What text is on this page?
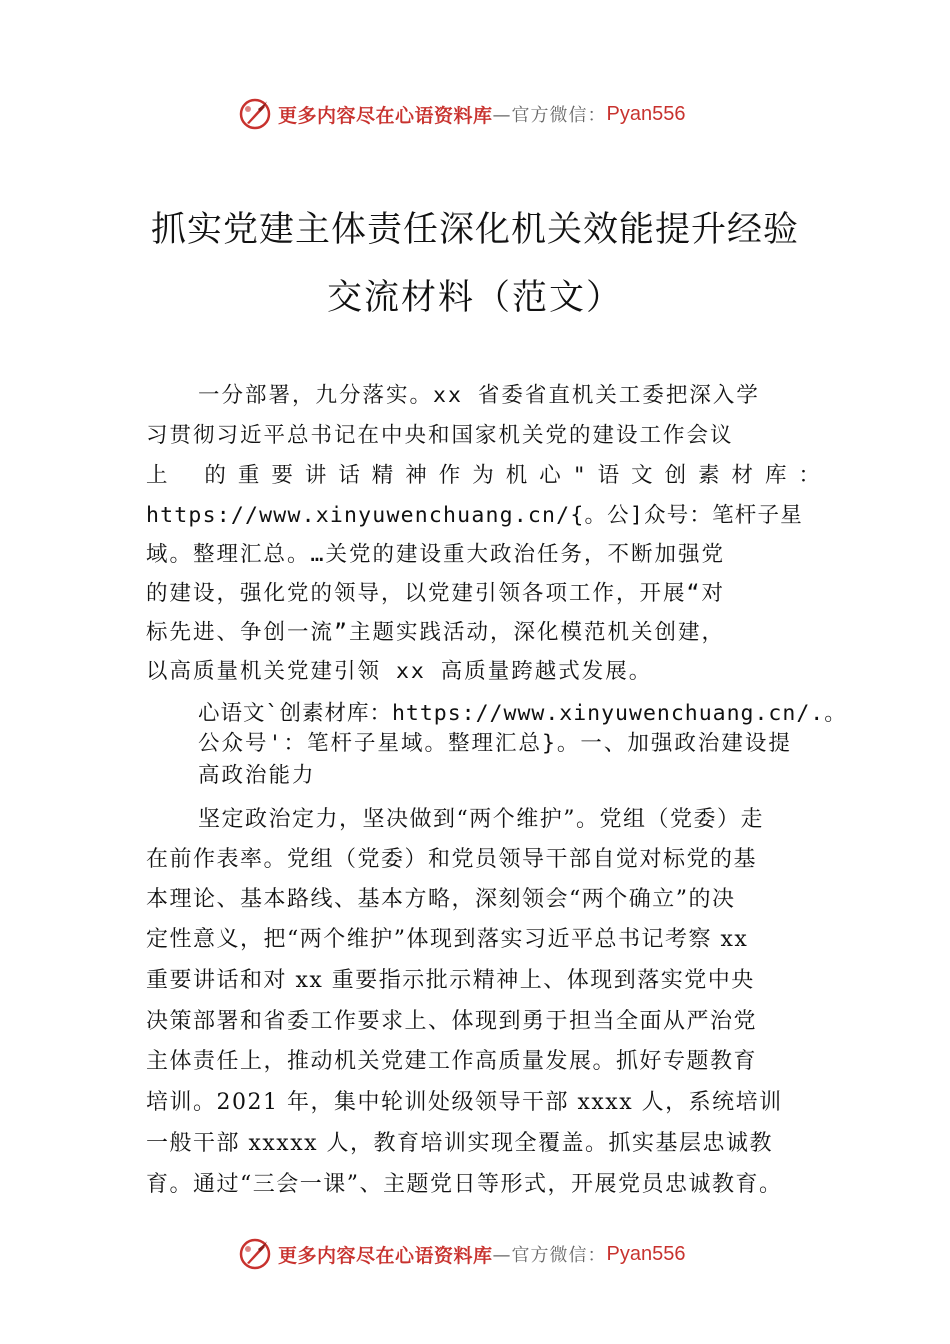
更多内容尽在心语资料库 —官方微信： Pyan556
抓实党建主体责任深化机关效能提升经验
交流材料（范文）
一分部署，九分落实。xx 省委省直机关工委把深入学
习贯彻习近平总书记在中央和国家机关党的建设工作会议
上 的重要讲话精神作为机心"语文创素材库：
https://www.xinyuwenchuang.cn/{。公]众号：笔杆子星
域。整理汇总。…关党的建设重大政治任务，不断加强党
的建设，强化党的领导，以党建引领各项工作，开展“对
标先进、争创一流”主题实践活动，深化模范机关创建，
以高质量机关党建引领 xx 高质量跨越式发展。
心语文`创素材库：https://www.xinyuwenchuang.cn/.。
公众号'：笔杆子星域。整理汇总}。一、加强政治建设提
高政治能力
坚定政治定力，坚决做到“两个维护”。党组（党委）走
在前作表率。党组（党委）和党员领导干部自觉对标党的基
本理论、基本路线、基本方略，深刻领会“两个确立”的决
定性意义，把“两个维护”体现到落实习近平总书记考察 xx
重要讲话和对 xx 重要指示批示精神上、体现到落实党中央
决策部署和省委工作要求上、体现到勇于担当全面从严治党
主体责任上，推动机关党建工作高质量发展。抓好专题教育
培训。2021 年，集中轮训处级领导干部 xxxx 人，系统培训
一般干部 xxxxx 人，教育培训实现全覆盖。抓实基层忠诚教
育。通过“三会一课”、主题党日等形式，开展党员忠诚教育。
更多内容尽在心语资料库 —官方微信： Pyan556
